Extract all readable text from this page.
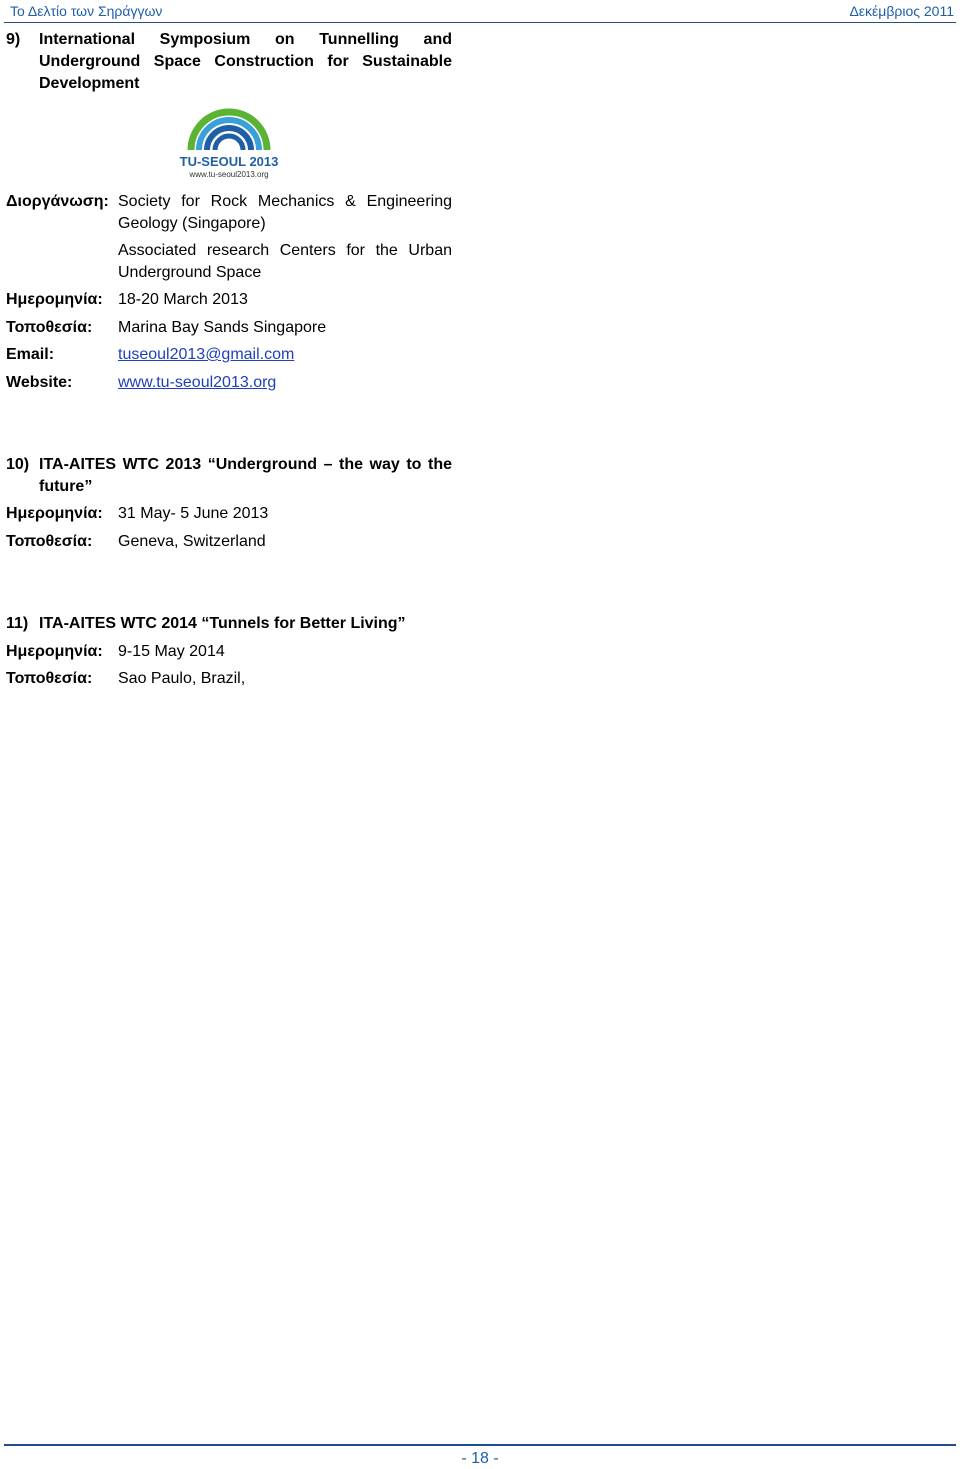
Το Δελτίο των Σηράγγων	Δεκέμβριος 2011
9) International Symposium on Tunnelling and Underground Space Construction for Sustainable Development
TU-SEOUL 2013
www.tu-seoul2013.org
Διοργάνωση: Society for Rock Mechanics & Engineering Geology (Singapore)
Associated research Centers for the Urban Underground Space
Ημερομηνία: 18-20 March 2013
Τοποθεσία: Marina Bay Sands Singapore
Email:	tuseoul2013@gmail.com
Website:	www.tu-seoul2013.org
10) ITA-AITES WTC 2013 “Underground – the way to the future”
Ημερομηνία: 31 May- 5 June 2013
Τοποθεσία: Geneva, Switzerland
11) ITA-AITES WTC 2014 “Tunnels for Better Living”
Ημερομηνία: 9-15 May 2014
Τοποθεσία: Sao Paulo, Brazil,
- 18 -
